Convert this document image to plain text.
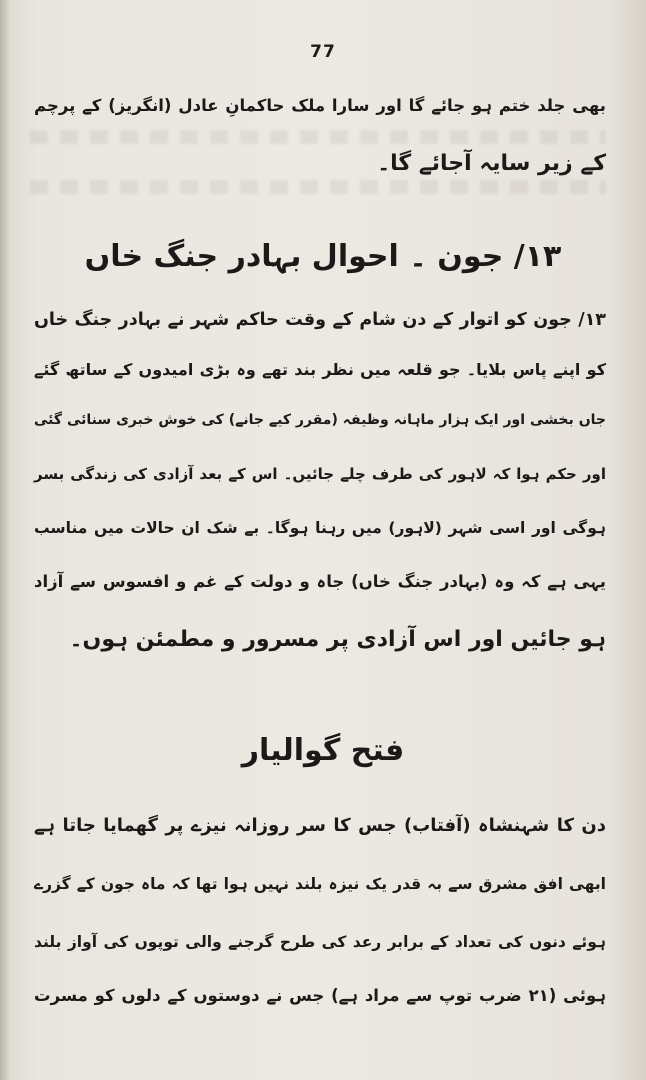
77
بھی جلد ختم ہو جائے گا اور سارا ملک حاکمانِ عادل (انگریز) کے پرچم
کے زیر سایہ آجائے گا۔
۱۳/ جون ۔ احوال بہادر جنگ خاں
۱۳/ جون کو اتوار کے دن شام کے وقت حاکم شہر نے بہادر جنگ خاں
کو اپنے پاس بلایا۔ جو قلعہ میں نظر بند تھے وہ بڑی امیدوں کے ساتھ گئے
جاں بخشی اور ایک ہزار ماہانہ وظیفہ (مقرر کیے جانے) کی خوش خبری سنائی گئی
اور حکم ہوا کہ لاہور کی طرف چلے جائیں۔ اس کے بعد آزادی کی زندگی بسر
ہوگی اور اسی شہر (لاہور) میں رہنا ہوگا۔ بے شک ان حالات میں مناسب
یہی ہے کہ وہ (بہادر جنگ خاں) جاہ و دولت کے غم و افسوس سے آزاد
ہو جائیں اور اس آزادی پر مسرور و مطمئن ہوں۔
فتح گوالیار
دن کا شہنشاہ (آفتاب) جس کا سر روزانہ نیزے پر گھمایا جاتا ہے
ابھی افق مشرق سے بہ قدر یک نیزہ بلند نہیں ہوا تھا کہ ماہ جون کے گزرے
ہوئے دنوں کی تعداد کے برابر رعد کی طرح گرجنے والی توپوں کی آواز بلند
ہوئی (۲۱ ضرب توپ سے مراد ہے) جس نے دوستوں کے دلوں کو مسرت
